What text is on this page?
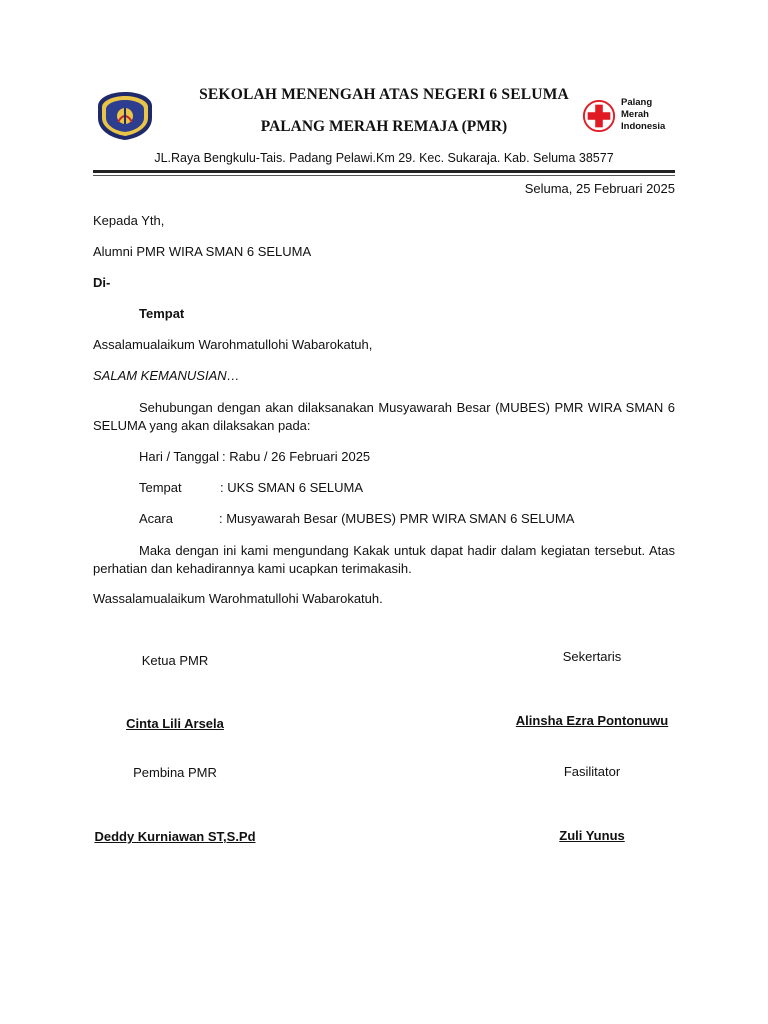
SEKOLAH MENENGAH ATAS NEGERI 6 SELUMA
PALANG MERAH REMAJA (PMR)
Palang
Merah
Indonesia
JL.Raya Bengkulu-Tais. Padang Pelawi.Km 29. Kec. Sukaraja. Kab. Seluma 38577
Seluma, 25 Februari 2025
Kepada Yth,
Alumni PMR WIRA SMAN 6 SELUMA
Di-
Tempat
Assalamualaikum Warohmatullohi Wabarokatuh,
SALAM KEMANUSIAN…
Sehubungan dengan akan dilaksanakan Musyawarah Besar (MUBES) PMR WIRA SMAN 6 SELUMA yang akan dilaksakan pada:
Hari / Tanggal : Rabu / 26 Februari 2025
Tempat	: UKS SMAN 6 SELUMA
Acara	: Musyawarah Besar (MUBES) PMR WIRA SMAN 6 SELUMA
Maka dengan ini kami mengundang Kakak untuk dapat hadir dalam kegiatan tersebut. Atas perhatian dan kehadirannya kami ucapkan terimakasih.
Wassalamualaikum Warohmatullohi Wabarokatuh.
Ketua PMR	Sekertaris
Cinta Lili Arsela	Alinsha Ezra Pontonuwu
Pembina PMR	Fasilitator
Deddy Kurniawan ST,S.Pd	Zuli Yunus
